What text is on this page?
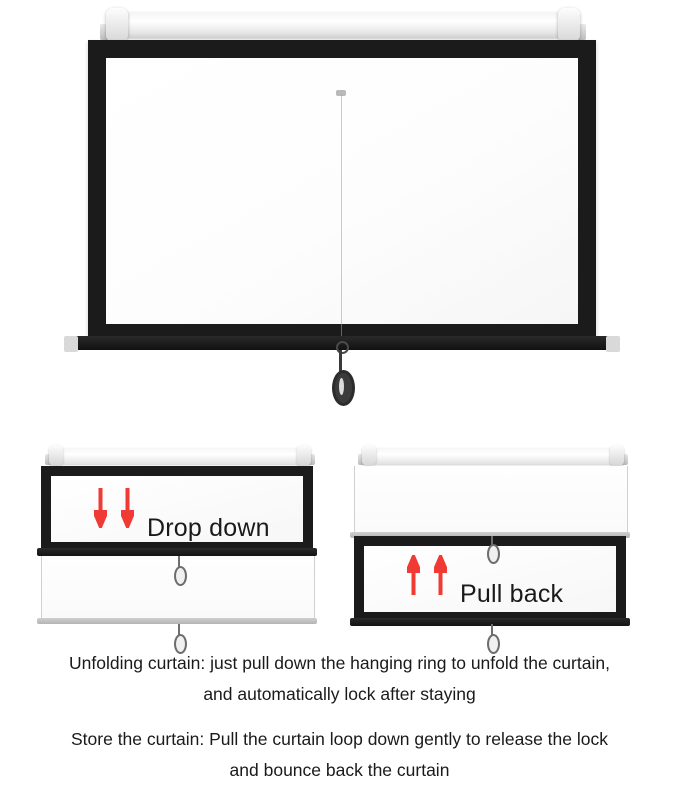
Drop down
Pull back

Unfolding curtain: just pull down the hanging ring to unfold the curtain,

and automatically lock after staying

Store the curtain: Pull the curtain loop down gently to release the lock

and bounce back the curtain
